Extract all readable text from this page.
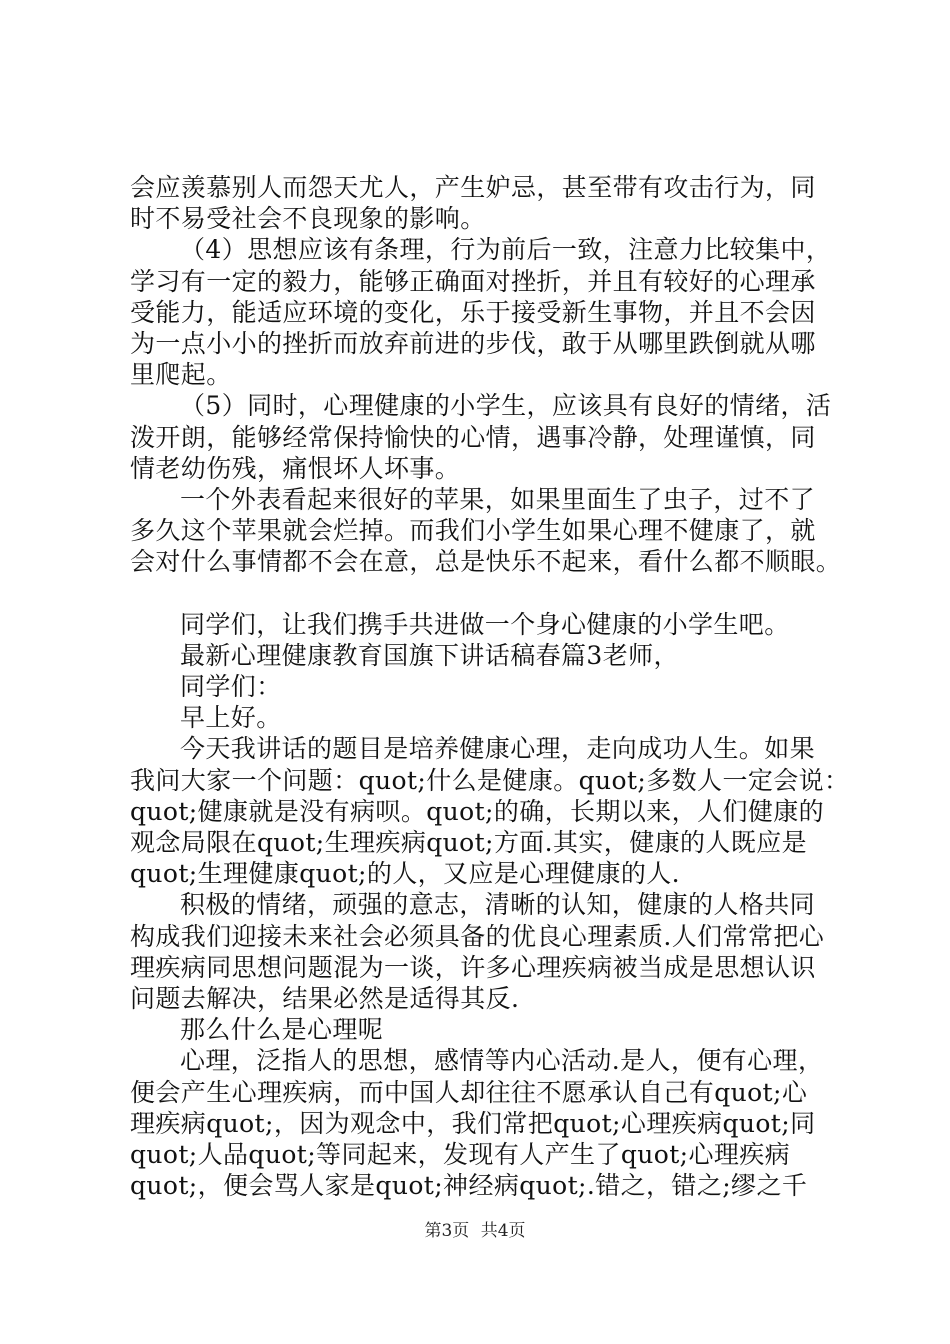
会应羡慕别人而怨天尤人，产生妒忌，甚至带有攻击行为，同
时不易受社会不良现象的影响。

（4）思想应该有条理，行为前后一致，注意力比较集中，
学习有一定的毅力，能够正确面对挫折，并且有较好的心理承
受能力，能适应环境的变化，乐于接受新生事物，并且不会因
为一点小小的挫折而放弃前进的步伐，敢于从哪里跌倒就从哪
里爬起。

（5）同时，心理健康的小学生，应该具有良好的情绪，活
泼开朗，能够经常保持愉快的心情，遇事冷静，处理谨慎，同
情老幼伤残，痛恨坏人坏事。

一个外表看起来很好的苹果，如果里面生了虫子，过不了
多久这个苹果就会烂掉。而我们小学生如果心理不健康了，就
会对什么事情都不会在意，总是快乐不起来，看什么都不顺眼。

同学们，让我们携手共进做一个身心健康的小学生吧。

最新心理健康教育国旗下讲话稿春篇3老师，

同学们：

早上好。

今天我讲话的题目是培养健康心理，走向成功人生。如果
我问大家一个问题：quot;什么是健康。quot;多数人一定会说：
quot;健康就是没有病呗。quot;的确，长期以来，人们健康的
观念局限在quot;生理疾病quot;方面.其实，健康的人既应是
quot;生理健康quot;的人，又应是心理健康的人.

积极的情绪，顽强的意志，清晰的认知，健康的人格共同
构成我们迎接未来社会必须具备的优良心理素质.人们常常把心
理疾病同思想问题混为一谈，许多心理疾病被当成是思想认识
问题去解决，结果必然是适得其反.

那么什么是心理呢

心理，泛指人的思想，感情等内心活动.是人，便有心理，
便会产生心理疾病，而中国人却往往不愿承认自己有quot;心
理疾病quot;，因为观念中，我们常把quot;心理疾病quot;同
quot;人品quot;等同起来，发现有人产生了quot;心理疾病
quot;，便会骂人家是quot;神经病quot;.错之，错之;缪之千

第3页 共4页
